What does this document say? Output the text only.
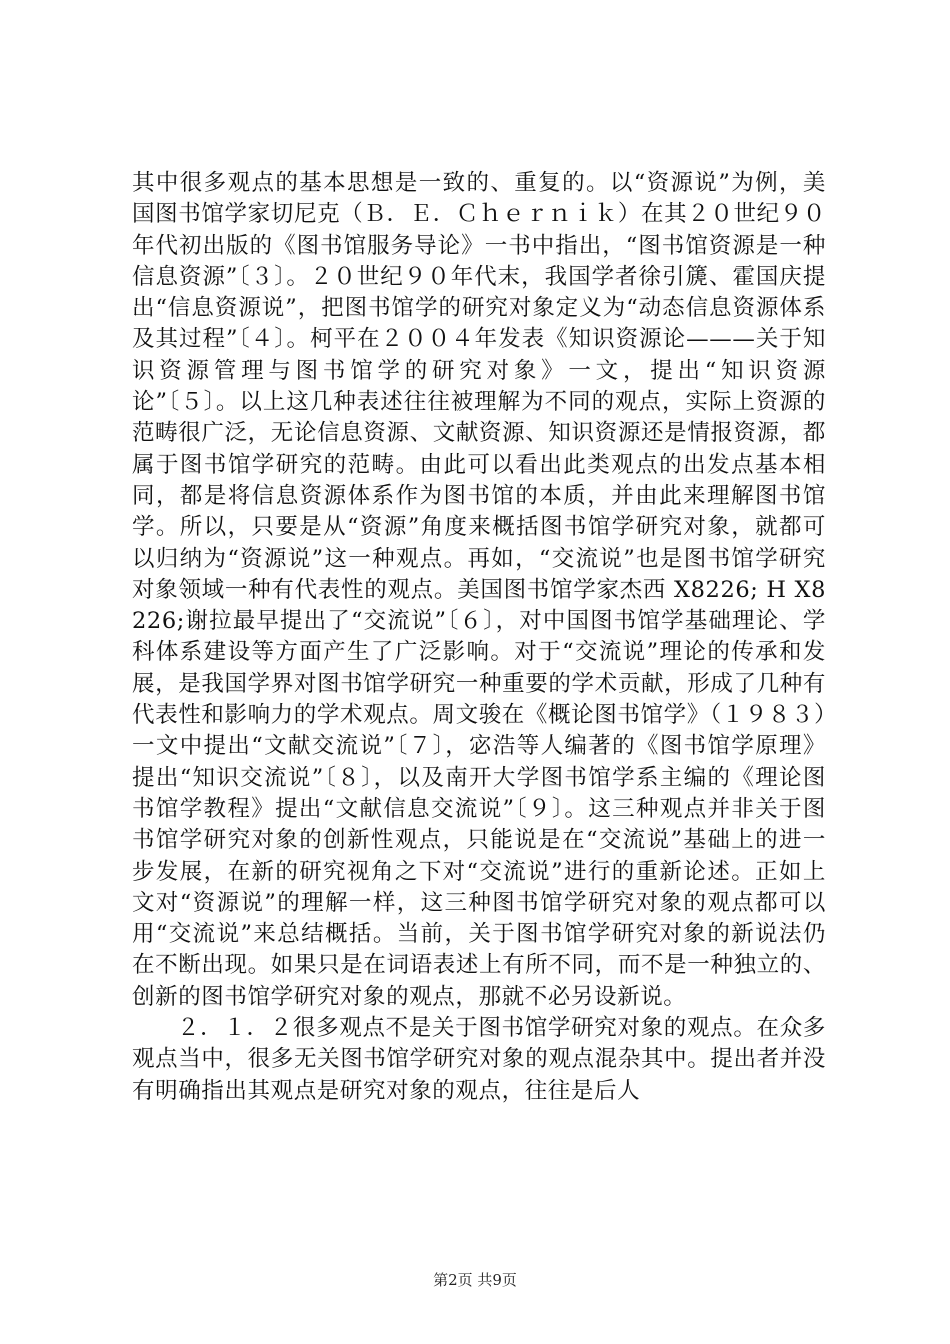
其中很多观点的基本思想是一致的、重复的。以“资源说”为例，美国图书馆学家切尼克（Ｂ．Ｅ．Ｃｈｅｒｎｉｋ）在其２０世纪９０年代初出版的《图书馆服务导论》一书中指出，“图书馆资源是一种信息资源”〔３〕。２０世纪９０年代末，我国学者徐引篪、霍国庆提出“信息资源说”，把图书馆学的研究对象定义为“动态信息资源体系及其过程”〔４〕。柯平在２００４年发表《知识资源论———关于知识资源管理与图书馆学的研究对象》一文，提出“知识资源论”〔５〕。以上这几种表述往往被理解为不同的观点，实际上资源的范畴很广泛，无论信息资源、文献资源、知识资源还是情报资源，都属于图书馆学研究的范畴。由此可以看出此类观点的出发点基本相同，都是将信息资源体系作为图书馆的本质，并由此来理解图书馆学。所以，只要是从“资源”角度来概括图书馆学研究对象，就都可以归纳为“资源说”这一种观点。再如，“交流说”也是图书馆学研究对象领域一种有代表性的观点。美国图书馆学家杰西 X8226; H X8226;谢拉最早提出了“交流说”〔６〕，对中国图书馆学基础理论、学科体系建设等方面产生了广泛影响。对于“交流说”理论的传承和发展，是我国学界对图书馆学研究一种重要的学术贡献，形成了几种有代表性和影响力的学术观点。周文骏在《概论图书馆学》（１９８３）一文中提出“文献交流说”〔７〕，宓浩等人编著的《图书馆学原理》提出“知识交流说”〔８〕，以及南开大学图书馆学系主编的《理论图书馆学教程》提出“文献信息交流说”〔９〕。这三种观点并非关于图书馆学研究对象的创新性观点，只能说是在“交流说”基础上的进一步发展，在新的研究视角之下对“交流说”进行的重新论述。正如上文对“资源说”的理解一样，这三种图书馆学研究对象的观点都可以用“交流说”来总结概括。当前，关于图书馆学研究对象的新说法仍在不断出现。如果只是在词语表述上有所不同，而不是一种独立的、创新的图书馆学研究对象的观点，那就不必另设新说。

２．１．２很多观点不是关于图书馆学研究对象的观点。在众多观点当中，很多无关图书馆学研究对象的观点混杂其中。提出者并没有明确指出其观点是研究对象的观点，往往是后人

第2页 共9页
